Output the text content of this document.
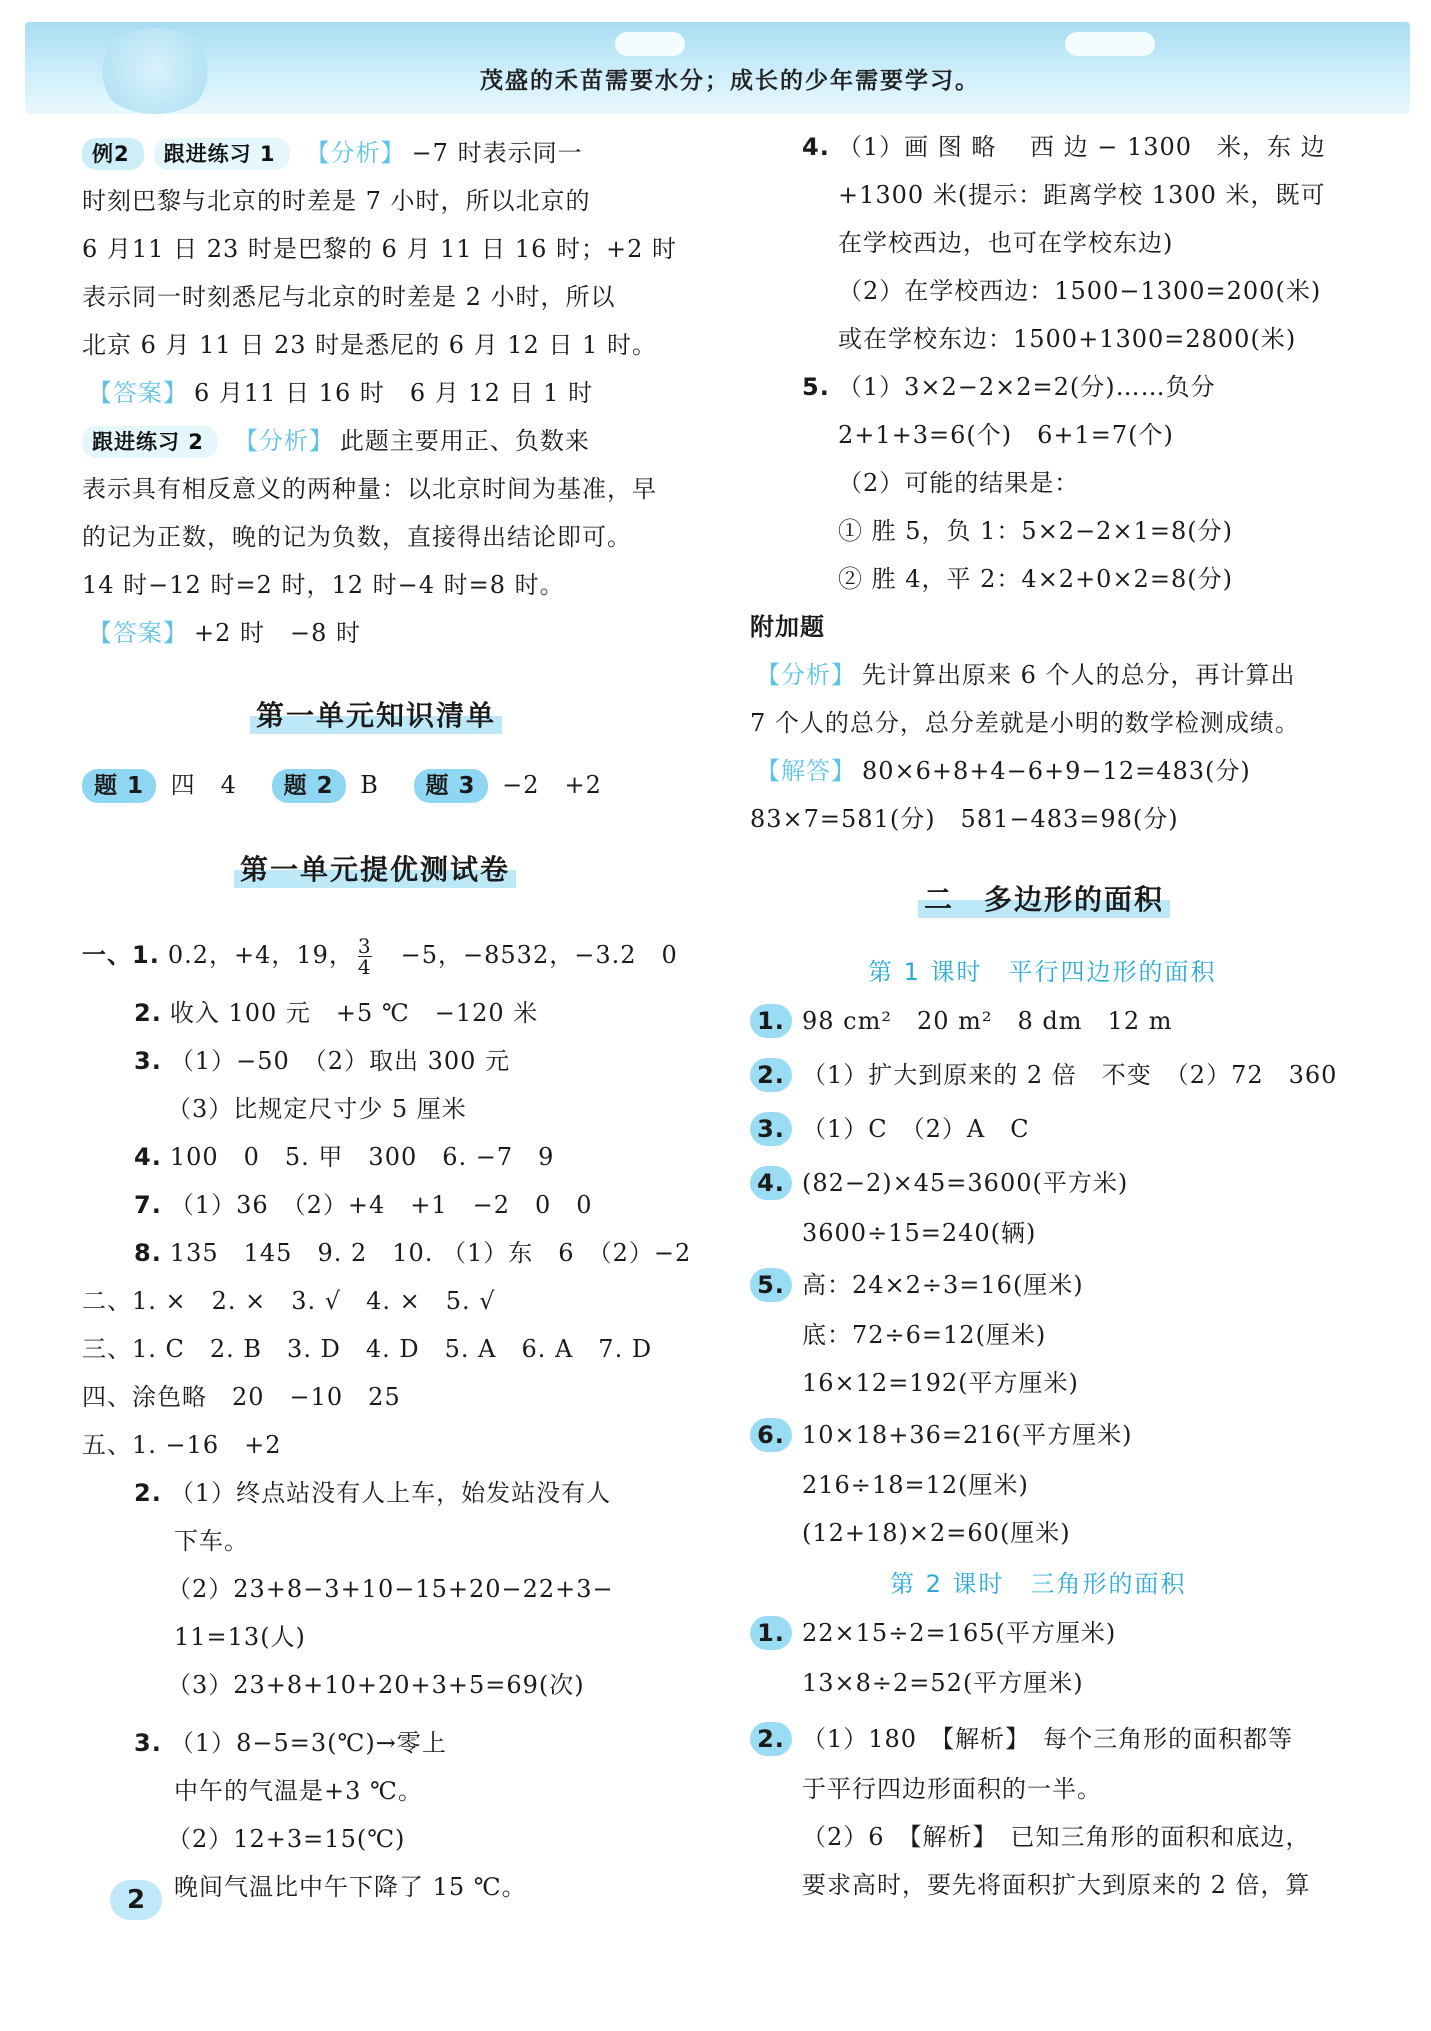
茂盛的禾苗需要水分；成长的少年需要学习。
例2 跟进练习 1 【分析】 −7 时表示同一
时刻巴黎与北京的时差是 7 小时，所以北京的
6 月11 日 23 时是巴黎的 6 月 11 日 16 时；+2 时
表示同一时刻悉尼与北京的时差是 2 小时，所以
北京 6 月 11 日 23 时是悉尼的 6 月 12 日 1 时。
【答案】 6 月11 日 16 时　6 月 12 日 1 时
跟进练习 2 【分析】 此题主要用正、负数来
表示具有相反意义的两种量：以北京时间为基准，早
的记为正数，晚的记为负数，直接得出结论即可。
14 时−12 时=2 时，12 时−4 时=8 时。
【答案】 +2 时　−8 时
第一单元知识清单
题 1 四　4 题 2 B 题 3 −2　+2
第一单元提优测试卷
一、1. 0.2，+4，19， $\frac{3}{4}$
　 −5，−8532，−3.2　0
2. 收入 100 元　+5 ℃　−120 米
3. （1）−50　（2）取出 300 元
（3）比规定尺寸少 5 厘米
4. 100　0　5. 甲　300　6. −7　9
7. （1）36　（2）+4　+1　−2　0　0
8. 135　145　9. 2　10. （1）东　6　（2）−2
二、1. ×　2. ×　3. √　4. ×　5. √
三、1. C　2. B　3. D　4. D　5. A　6. A　7. D
四、涂色略　20　−10　25
五、1. −16　+2
2. （1）终点站没有人上车，始发站没有人
下车。
（2）23+8−3+10−15+20−22+3−
11=13(人)
（3）23+8+10+20+3+5=69(次)
3. （1）8−5=3(℃)→零上
中午的气温是+3 ℃。
（2）12+3=15(℃)
晚间气温比中午下降了 15 ℃。
4. （1）画 图 略　 西 边 − 1300　米，东 边
+1300 米(提示：距离学校 1300 米，既可
在学校西边，也可在学校东边)
（2）在学校西边：1500−1300=200(米)
或在学校东边：1500+1300=2800(米)
5. （1）3×2−2×2=2(分)……负分
2+1+3=6(个)　6+1=7(个)
（2）可能的结果是：
① 胜 5，负 1：5×2−2×1=8(分)
② 胜 4，平 2：4×2+0×2=8(分)
附加题
【分析】 先计算出原来 6 个人的总分，再计算出
7 个人的总分，总分差就是小明的数学检测成绩。
【解答】 80×6+8+4−6+9−12=483(分)
83×7=581(分)　581−483=98(分)
二　多边形的面积
第 1 课时　平行四边形的面积
1. 98 cm²　20 m²　8 dm　12 m
2. （1）扩大到原来的 2 倍　不变　（2）72　360
3. （1）C　（2）A　C
4. (82−2)×45=3600(平方米)
3600÷15=240(辆)
5. 高：24×2÷3=16(厘米)
底：72÷6=12(厘米)
16×12=192(平方厘米)
6. 10×18+36=216(平方厘米)
216÷18=12(厘米)
(12+18)×2=60(厘米)
第 2 课时　三角形的面积
1. 22×15÷2=165(平方厘米)
13×8÷2=52(平方厘米)
2. （1）180　【解析】　每个三角形的面积都等
于平行四边形面积的一半。
（2）6　【解析】　已知三角形的面积和底边，
要求高时，要先将面积扩大到原来的 2 倍，算
2
